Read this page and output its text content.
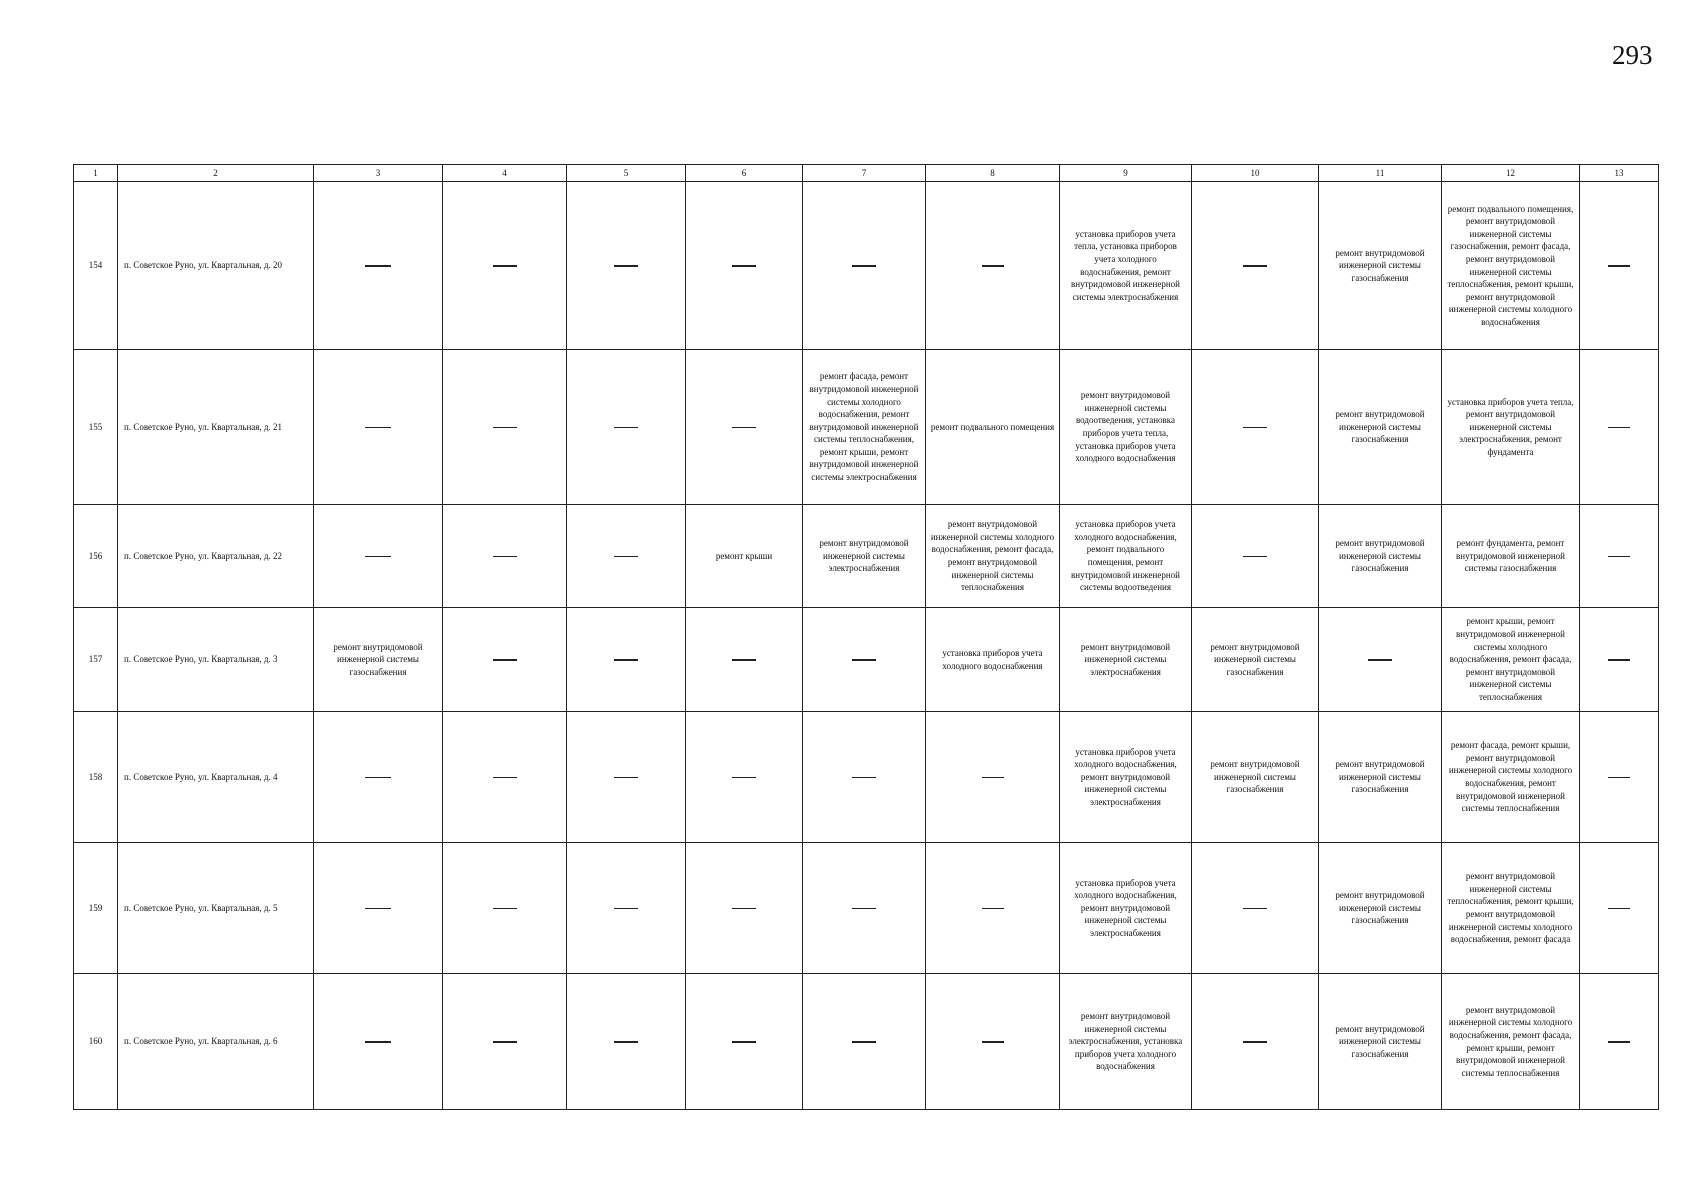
293
1	2	3	4	5	6	7	8	9	10	11	12	13
154	п. Советское Руно, ул. Квартальная, д. 20							установка приборов учета тепла, установка приборов учета холодного водоснабжения, ремонт внутридомовой инженерной системы электроснабжения		ремонт внутридомовой инженерной системы газоснабжения	ремонт подвального помещения, ремонт внутридомовой инженерной системы газоснабжения, ремонт фасада, ремонт внутридомовой инженерной системы теплоснабжения, ремонт крыши, ремонт внутридомовой инженерной системы холодного водоснабжения	
155	п. Советское Руно, ул. Квартальная, д. 21					ремонт фасада, ремонт внутридомовой инженерной системы холодного водоснабжения, ремонт внутридомовой инженерной системы теплоснабжения, ремонт крыши, ремонт внутридомовой инженерной системы электроснабжения	ремонт подвального помещения	ремонт внутридомовой инженерной системы водоотведения, установка приборов учета тепла, установка приборов учета холодного водоснабжения		ремонт внутридомовой инженерной системы газоснабжения	установка приборов учета тепла, ремонт внутридомовой инженерной системы электроснабжения, ремонт фундамента	
156	п. Советское Руно, ул. Квартальная, д. 22				ремонт крыши	ремонт внутридомовой инженерной системы электроснабжения	ремонт внутридомовой инженерной системы холодного водоснабжения, ремонт фасада, ремонт внутридомовой инженерной системы теплоснабжения	установка приборов учета холодного водоснабжения, ремонт подвального помещения, ремонт внутридомовой инженерной системы водоотведения		ремонт внутридомовой инженерной системы газоснабжения	ремонт фундамента, ремонт внутридомовой инженерной системы газоснабжения	
157	п. Советское Руно, ул. Квартальная, д. 3	ремонт внутридомовой инженерной системы газоснабжения					установка приборов учета холодного водоснабжения	ремонт внутридомовой инженерной системы электроснабжения	ремонт внутридомовой инженерной системы газоснабжения		ремонт крыши, ремонт внутридомовой инженерной системы холодного водоснабжения, ремонт фасада, ремонт внутридомовой инженерной системы теплоснабжения	
158	п. Советское Руно, ул. Квартальная, д. 4							установка приборов учета холодного водоснабжения, ремонт внутридомовой инженерной системы электроснабжения	ремонт внутридомовой инженерной системы газоснабжения	ремонт внутридомовой инженерной системы газоснабжения	ремонт фасада, ремонт крыши, ремонт внутридомовой инженерной системы холодного водоснабжения, ремонт внутридомовой инженерной системы теплоснабжения	
159	п. Советское Руно, ул. Квартальная, д. 5							установка приборов учета холодного водоснабжения, ремонт внутридомовой инженерной системы электроснабжения		ремонт внутридомовой инженерной системы газоснабжения	ремонт внутридомовой инженерной системы теплоснабжения, ремонт крыши, ремонт внутридомовой инженерной системы холодного водоснабжения, ремонт фасада	
160	п. Советское Руно, ул. Квартальная, д. 6							ремонт внутридомовой инженерной системы электроснабжения, установка приборов учета холодного водоснабжения		ремонт внутридомовой инженерной системы газоснабжения	ремонт внутридомовой инженерной системы холодного водоснабжения, ремонт фасада, ремонт крыши, ремонт внутридомовой инженерной системы теплоснабжения	
